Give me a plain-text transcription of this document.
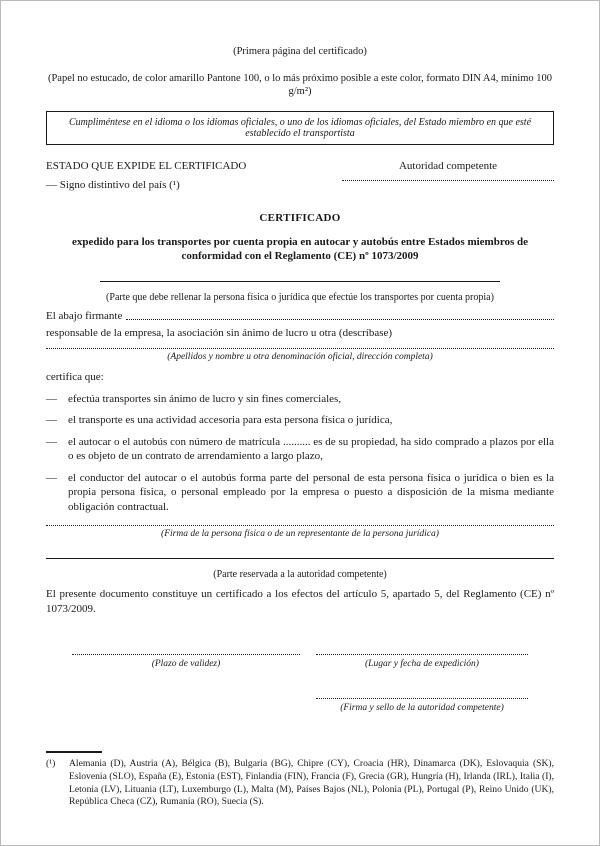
(Primera página del certificado)
(Papel no estucado, de color amarillo Pantone 100, o lo más próximo posible a este color, formato DIN A4, mínimo 100 g/m²)
Cumpliméntese en el idioma o los idiomas oficiales, o uno de los idiomas oficiales, del Estado miembro en que esté establecido el transportista
ESTADO QUE EXPIDE EL CERTIFICADO
— Signo distintivo del país (¹)
Autoridad competente
CERTIFICADO
expedido para los transportes por cuenta propia en autocar y autobús entre Estados miembros de conformidad con el Reglamento (CE) nº 1073/2009
(Parte que debe rellenar la persona física o jurídica que efectúe los transportes por cuenta propia)
El abajo firmante
responsable de la empresa, la asociación sin ánimo de lucro u otra (descríbase)
(Apellidos y nombre u otra denominación oficial, dirección completa)
certifica que:
—	efectúa transportes sin ánimo de lucro y sin fines comerciales,
—	el transporte es una actividad accesoria para esta persona física o jurídica,
—	el autocar o el autobús con número de matrícula .......... es de su propiedad, ha sido comprado a plazos por ella o es objeto de un contrato de arrendamiento a largo plazo,
—	el conductor del autocar o el autobús forma parte del personal de esta persona física o jurídica o bien es la propia persona física, o personal empleado por la empresa o puesto a disposición de la misma mediante obligación contractual.
(Firma de la persona física o de un representante de la persona jurídica)
(Parte reservada a la autoridad competente)
El presente documento constituye un certificado a los efectos del artículo 5, apartado 5, del Reglamento (CE) nº 1073/2009.
(Plazo de validez)	(Lugar y fecha de expedición)
(Firma y sello de la autoridad competente)
(¹) Alemania (D), Austria (A), Bélgica (B), Bulgaria (BG), Chipre (CY), Croacia (HR), Dinamarca (DK), Eslovaquia (SK), Eslovenia (SLO), España (E), Estonia (EST), Finlandia (FIN), Francia (F), Grecia (GR), Hungría (H), Irlanda (IRL), Italia (I), Letonia (LV), Lituania (LT), Luxemburgo (L), Malta (M), Países Bajos (NL), Polonia (PL), Portugal (P), Reino Unido (UK), República Checa (CZ), Rumanía (RO), Suecia (S).
